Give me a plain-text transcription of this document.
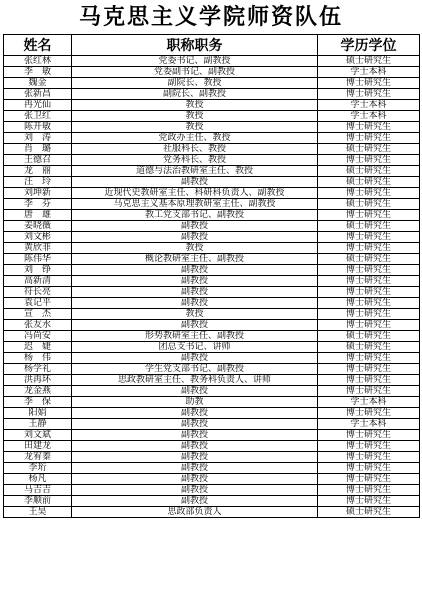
马克思主义学院师资队伍
姓名	职称职务	学历学位
张红林	党委书记、副教授	硕士研究生
李　敏	党委副书记、副教授	学士本科
魏金	副院长、教授	博士研究生
张新昌	副院长、副教授	博士研究生
冉光仙	教授	学士本科
张卫红	教授	学士本科
陈开敏	教授	博士研究生
刘　涛	党政办主任、教授	博士研究生
肖　璐	社服科长、教授	硕士研究生
王德召	党务科长、教授	博士研究生
龙　丽	道德与法治教研室主任、教授	硕士研究生
汪　玲	副教授	硕士研究生
刘坤新	近现代史教研室主任、科研科负责人、副教授	博士研究生
李　芬	马克思主义基本原理教研室主任、副教授	硕士研究生
唐　雄	教工党支部书记、副教授	博士研究生
姜晓薇	副教授	硕士研究生
刘文彬	副教授	博士研究生
黄欣菲	教授	博士研究生
陈伟华	概论教研室主任、副教授	硕士研究生
刘　铮	副教授	博士研究生
高新清	副教授	博士研究生
符长亮	副教授	博士研究生
袁记平	副教授	博士研究生
宣　杰	教授	博士研究生
张友水	副教授	博士研究生
冯尚安	形势教研室主任、副教授	硕士研究生
迟　婕	团总支书记、讲师	硕士研究生
杨　伟	副教授	博士研究生
杨学礼	学生党支部书记、副教授	博士研究生
洪再环	思政教研室主任、教务科负责人、讲师	博士研究生
龙金燕	副教授	博士研究生
李　保	助教	学士本科
阳娟	副教授	博士研究生
王静	副教授	学士本科
刘文斌	副教授	博士研究生
田建龙	副教授	博士研究生
龙宥蓁	副教授	博士研究生
李珩	副教授	博士研究生
杨凡	副教授	博士研究生
马吉吉	副教授	博士研究生
李顺前	副教授	博士研究生
王昊	思政部负责人	硕士研究生
